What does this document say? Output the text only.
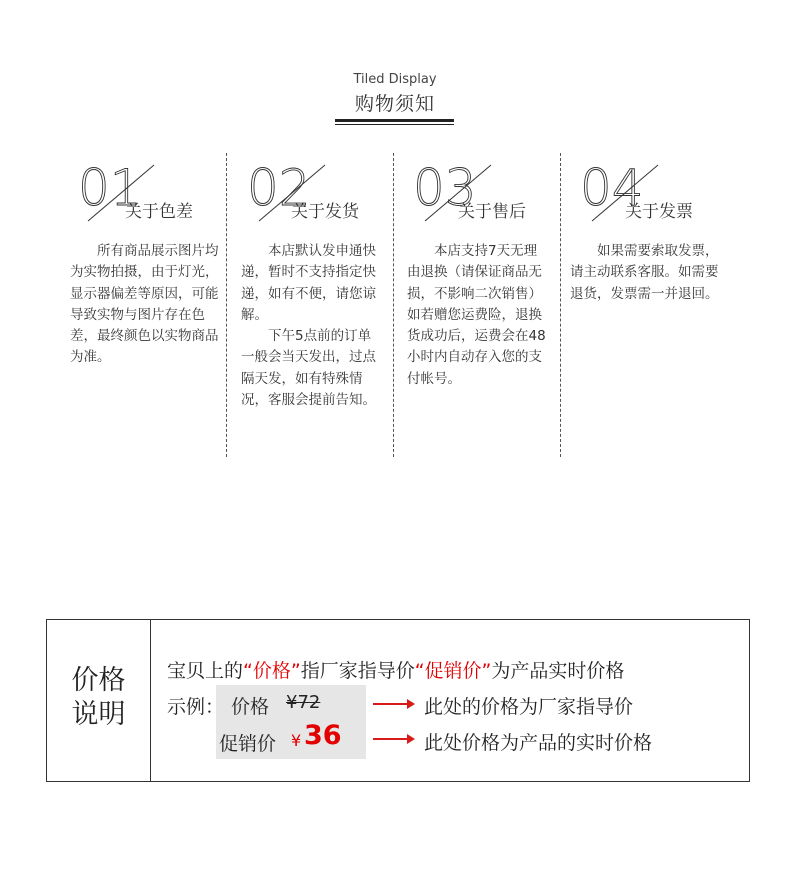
Tiled Display
购物须知
01
关于色差

所有商品展示图片均为实物拍摄，由于灯光，显示器偏差等原因，可能导致实物与图片存在色差，最终颜色以实物商品为准。

02
关于发货

本店默认发申通快递，暂时不支持指定快递，如有不便，请您谅解。

下午5点前的订单一般会当天发出，过点隔天发，如有特殊情况，客服会提前告知。

03
关于售后

本店支持7天无理由退换（请保证商品无损，不影响二次销售）如若赠您运费险，退换货成功后，运费会在48小时内自动存入您的支付帐号。

04
关于发票

如果需要索取发票，请主动联系客服。如需要退货，发票需一并退回。

价格
说明
宝贝上的“价格”指厂家指导价“促销价”为产品实时价格
示例： 价格 ¥72
促销价 ¥ 36
此处的价格为厂家指导价
此处价格为产品的实时价格
